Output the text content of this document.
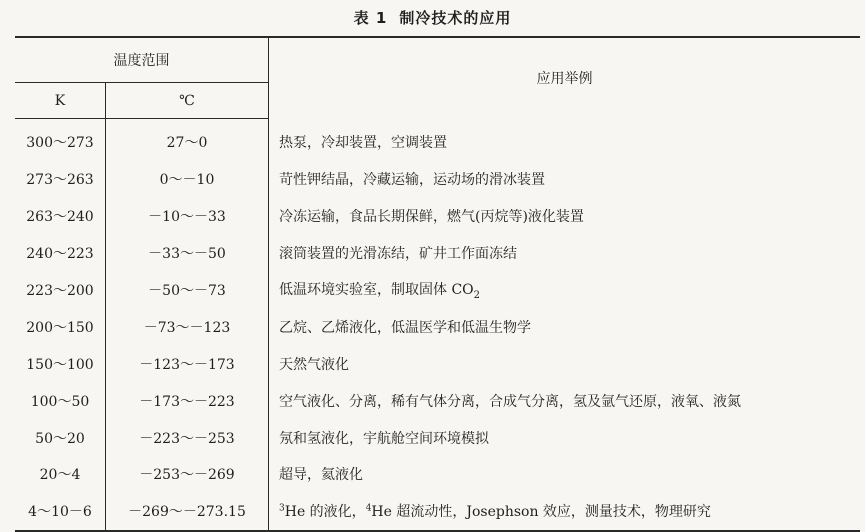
表 1 制冷技术的应用
温度范围		应用举例
K	℃	
300～273	27～0	热泵，冷却装置，空调装置
273～263	0～－10	苛性钾结晶，冷藏运输，运动场的滑冰装置
263～240	－10～－33	冷冻运输，食品长期保鲜，燃气(丙烷等)液化装置
240～223	－33～－50	滚筒装置的光滑冻结，矿井工作面冻结
223～200	－50～－73	低温环境实验室，制取固体 $CO_2$
200～150	－73～－123	乙烷、乙烯液化，低温医学和低温生物学
150～100	－123～－173	天然气液化
100～50	－173～－223	空气液化、分离，稀有气体分离，合成气分离，氢及氩气还原，液氧、液氮
50～20	－223～－253	氖和氢液化，宇航舱空间环境模拟
20～4	－253～－269	超导，氦液化
4～10－6	－269～－273.15	$^3$He 的液化，$^4$He 超流动性，Josephson 效应，测量技术，物理研究
